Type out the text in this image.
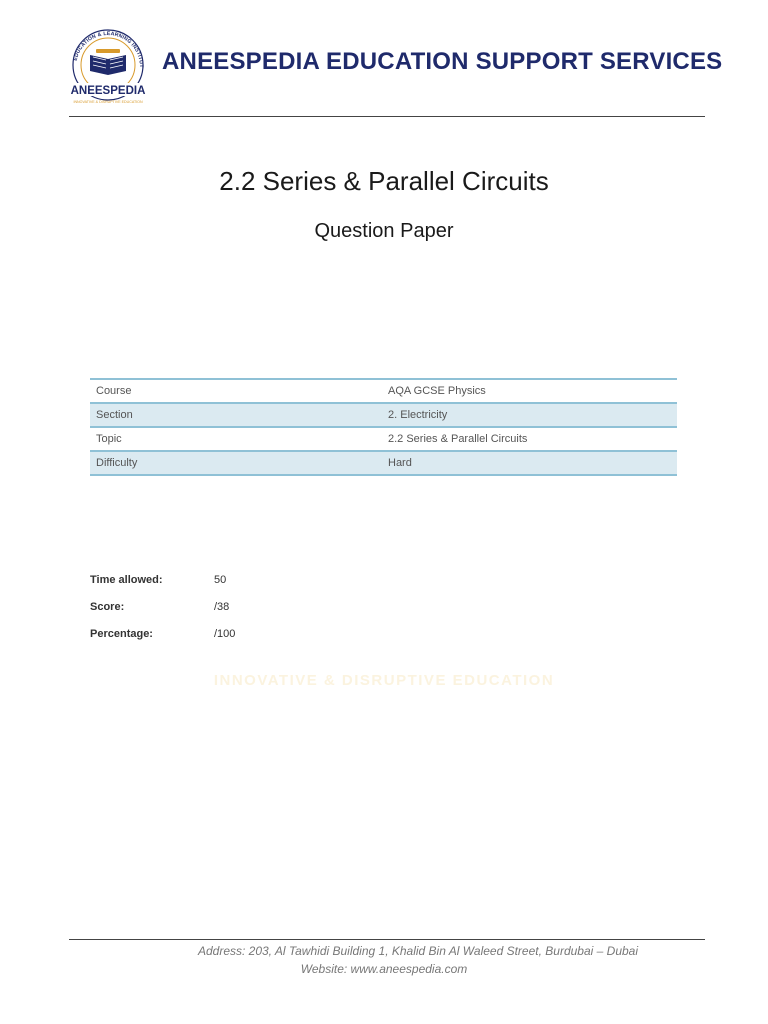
EDUCATION & LEARNING INSTITUT
ANEESPEDIA
INNOVATIVE & DISRUPTIVE EDUCATION
ANEESPEDIA EDUCATION SUPPORT SERVICES
2.2 Series & Parallel Circuits
Question Paper
Course	AQA GCSE Physics
Section	2. Electricity
Topic	2.2 Series & Parallel Circuits
Difficulty	Hard
Time allowed:	50
Score:	/38
Percentage:	/100
INNOVATIVE & DISRUPTIVE EDUCATION
Address: 203, Al Tawhidi Building 1, Khalid Bin Al Waleed Street, Burdubai – Dubai
Website: www.aneespedia.com
